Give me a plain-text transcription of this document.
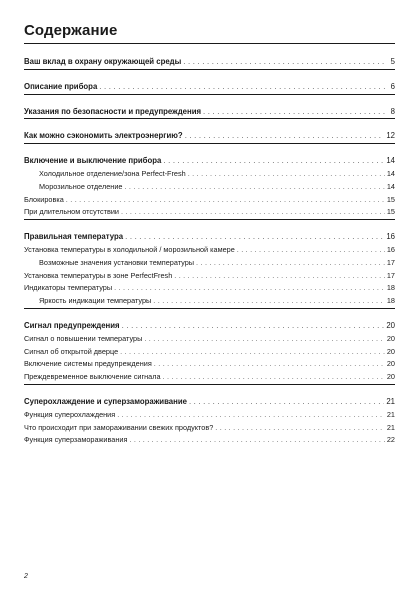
Содержание
Ваш вклад в охрану окружающей среды . . .	5
Описание прибора . . .	6
Указания по безопасности и предупреждения . . .	8
Как можно сэкономить электроэнергию? . . .	12
Включение и выключение прибора . . .	14
Холодильное отделение/зона Perfect-Fresh . . .	14
Морозильное отделение . . .	14
Блокировка . . .	15
При длительном отсутствии . . .	15
Правильная температура . . .	16
Установка температуры в холодильной / морозильной камере . . .	16
Возможные значения установки температуры . . .	17
Установка температуры в зоне PerfectFresh . . .	17
Индикаторы температуры . . .	18
Яркость индикации температуры . . .	18
Сигнал предупреждения . . .	20
Сигнал о повышении температуры . . .	20
Сигнал об открытой дверце . . .	20
Включение системы предупреждения . . .	20
Преждевременное выключение сигнала . . .	20
Суперохлаждение и суперзамораживание . . .	21
Функция суперохлаждения . . .	21
Что происходит при замораживании свежих продуктов? . . .	21
Функция суперзамораживания . . .	22
2
